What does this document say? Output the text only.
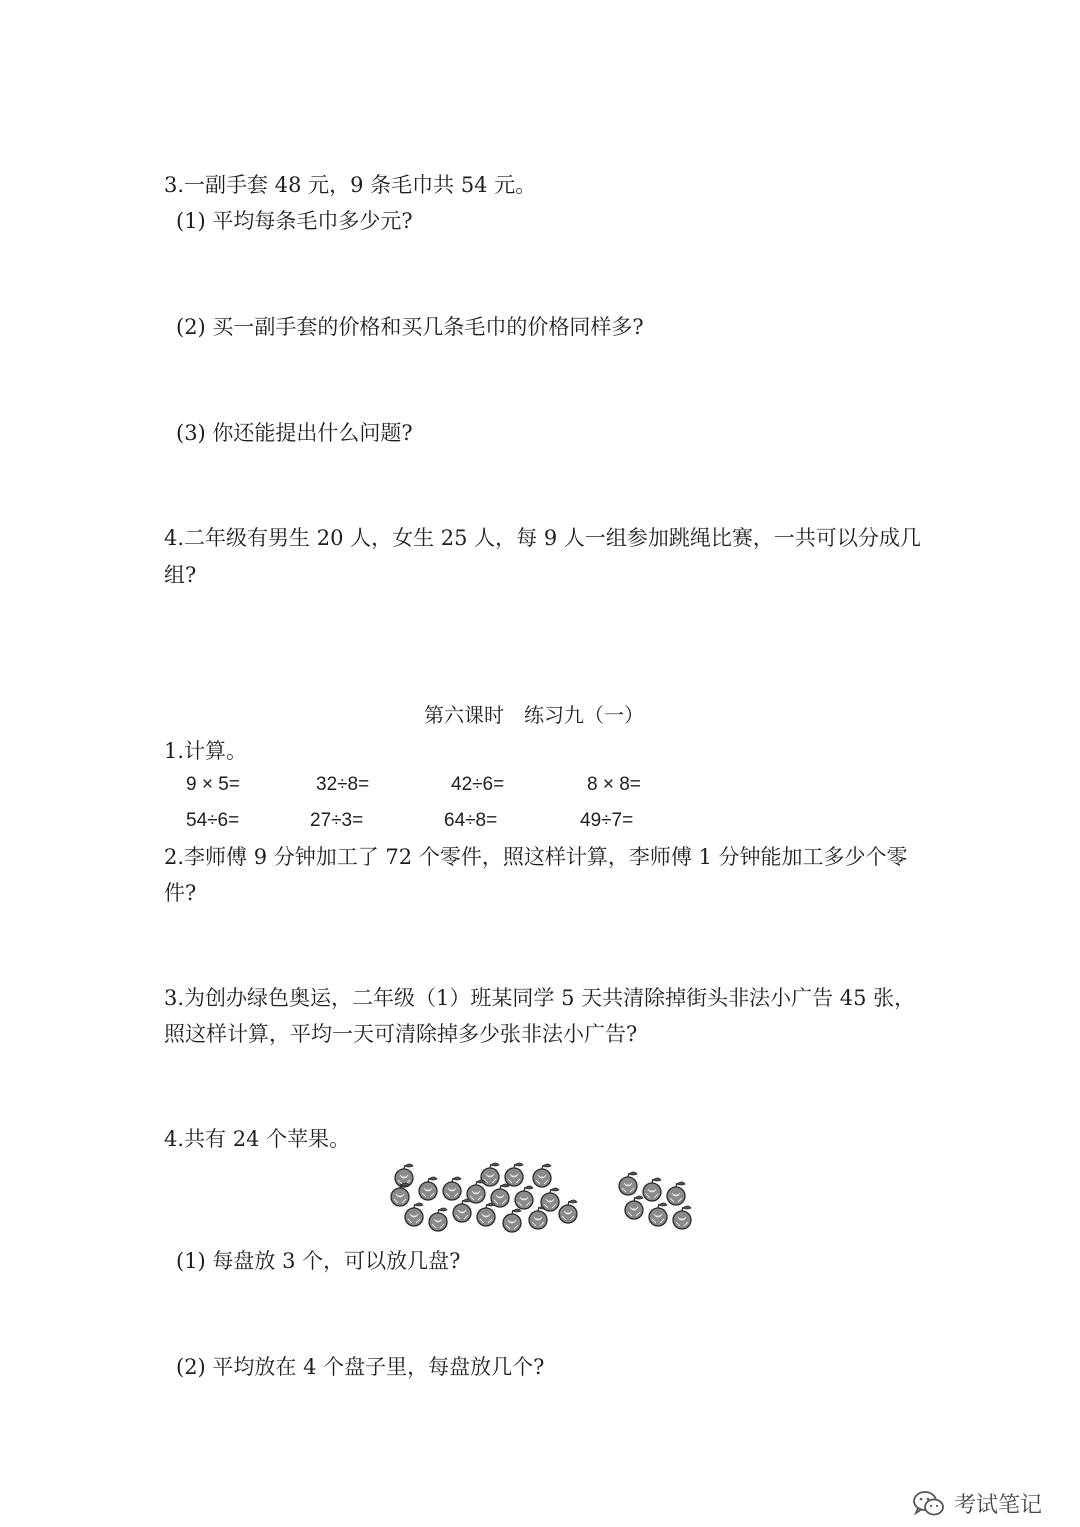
3.一副手套 48 元，9 条毛巾共 54 元。
(1) 平均每条毛巾多少元?
(2) 买一副手套的价格和买几条毛巾的价格同样多?
(3) 你还能提出什么问题?
4.二年级有男生 20 人，女生 25 人，每 9 人一组参加跳绳比赛，一共可以分成几
组?
第六课时　练习九（一）
1.计算。
9 × 5=	32÷8=	42÷6=	8 × 8=
54÷6=	27÷3=	64÷8=	49÷7=
2.李师傅 9 分钟加工了 72 个零件，照这样计算，李师傅 1 分钟能加工多少个零
件?
3.为创办绿色奥运，二年级（1）班某同学 5 天共清除掉街头非法小广告 45 张，
照这样计算，平均一天可清除掉多少张非法小广告?
4.共有 24 个苹果。
(1) 每盘放 3 个，可以放几盘?
(2) 平均放在 4 个盘子里，每盘放几个?
考试笔记
